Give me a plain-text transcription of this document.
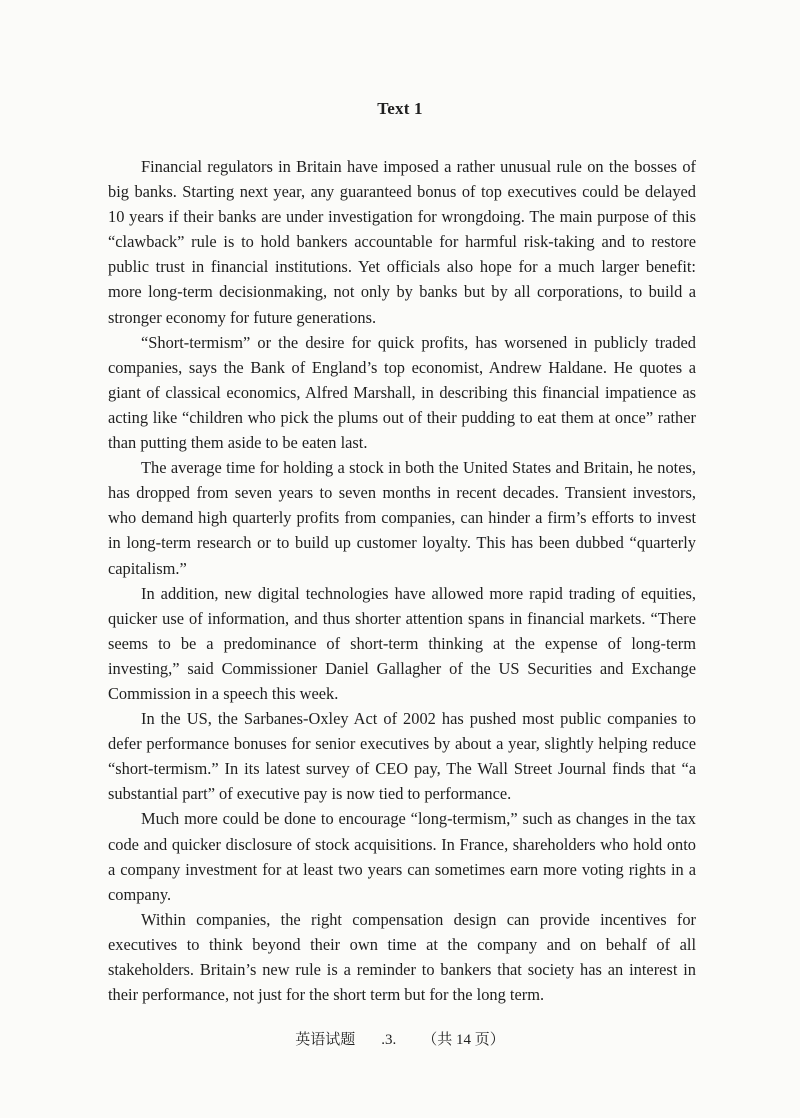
Text 1

Financial regulators in Britain have imposed a rather unusual rule on the bosses of big banks. Starting next year, any guaranteed bonus of top executives could be delayed 10 years if their banks are under investigation for wrongdoing. The main purpose of this “clawback” rule is to hold bankers accountable for harmful risk-taking and to restore public trust in financial institutions. Yet officials also hope for a much larger benefit: more long-term decisionmaking, not only by banks but by all corporations, to build a stronger economy for future generations.

“Short-termism” or the desire for quick profits, has worsened in publicly traded companies, says the Bank of England’s top economist, Andrew Haldane. He quotes a giant of classical economics, Alfred Marshall, in describing this financial impatience as acting like “children who pick the plums out of their pudding to eat them at once” rather than putting them aside to be eaten last.

The average time for holding a stock in both the United States and Britain, he notes, has dropped from seven years to seven months in recent decades. Transient investors, who demand high quarterly profits from companies, can hinder a firm’s efforts to invest in long-term research or to build up customer loyalty. This has been dubbed “quarterly capitalism.”

In addition, new digital technologies have allowed more rapid trading of equities, quicker use of information, and thus shorter attention spans in financial markets. “There seems to be a predominance of short-term thinking at the expense of long-term investing,” said Commissioner Daniel Gallagher of the US Securities and Exchange Commission in a speech this week.

In the US, the Sarbanes-Oxley Act of 2002 has pushed most public companies to defer performance bonuses for senior executives by about a year, slightly helping reduce “short-termism.” In its latest survey of CEO pay, The Wall Street Journal finds that “a substantial part” of executive pay is now tied to performance.

Much more could be done to encourage “long-termism,” such as changes in the tax code and quicker disclosure of stock acquisitions. In France, shareholders who hold onto a company investment for at least two years can sometimes earn more voting rights in a company.

Within companies, the right compensation design can provide incentives for executives to think beyond their own time at the company and on behalf of all stakeholders. Britain’s new rule is a reminder to bankers that society has an interest in their performance, not just for the short term but for the long term.

英语试题 .3. （共 14 页）
